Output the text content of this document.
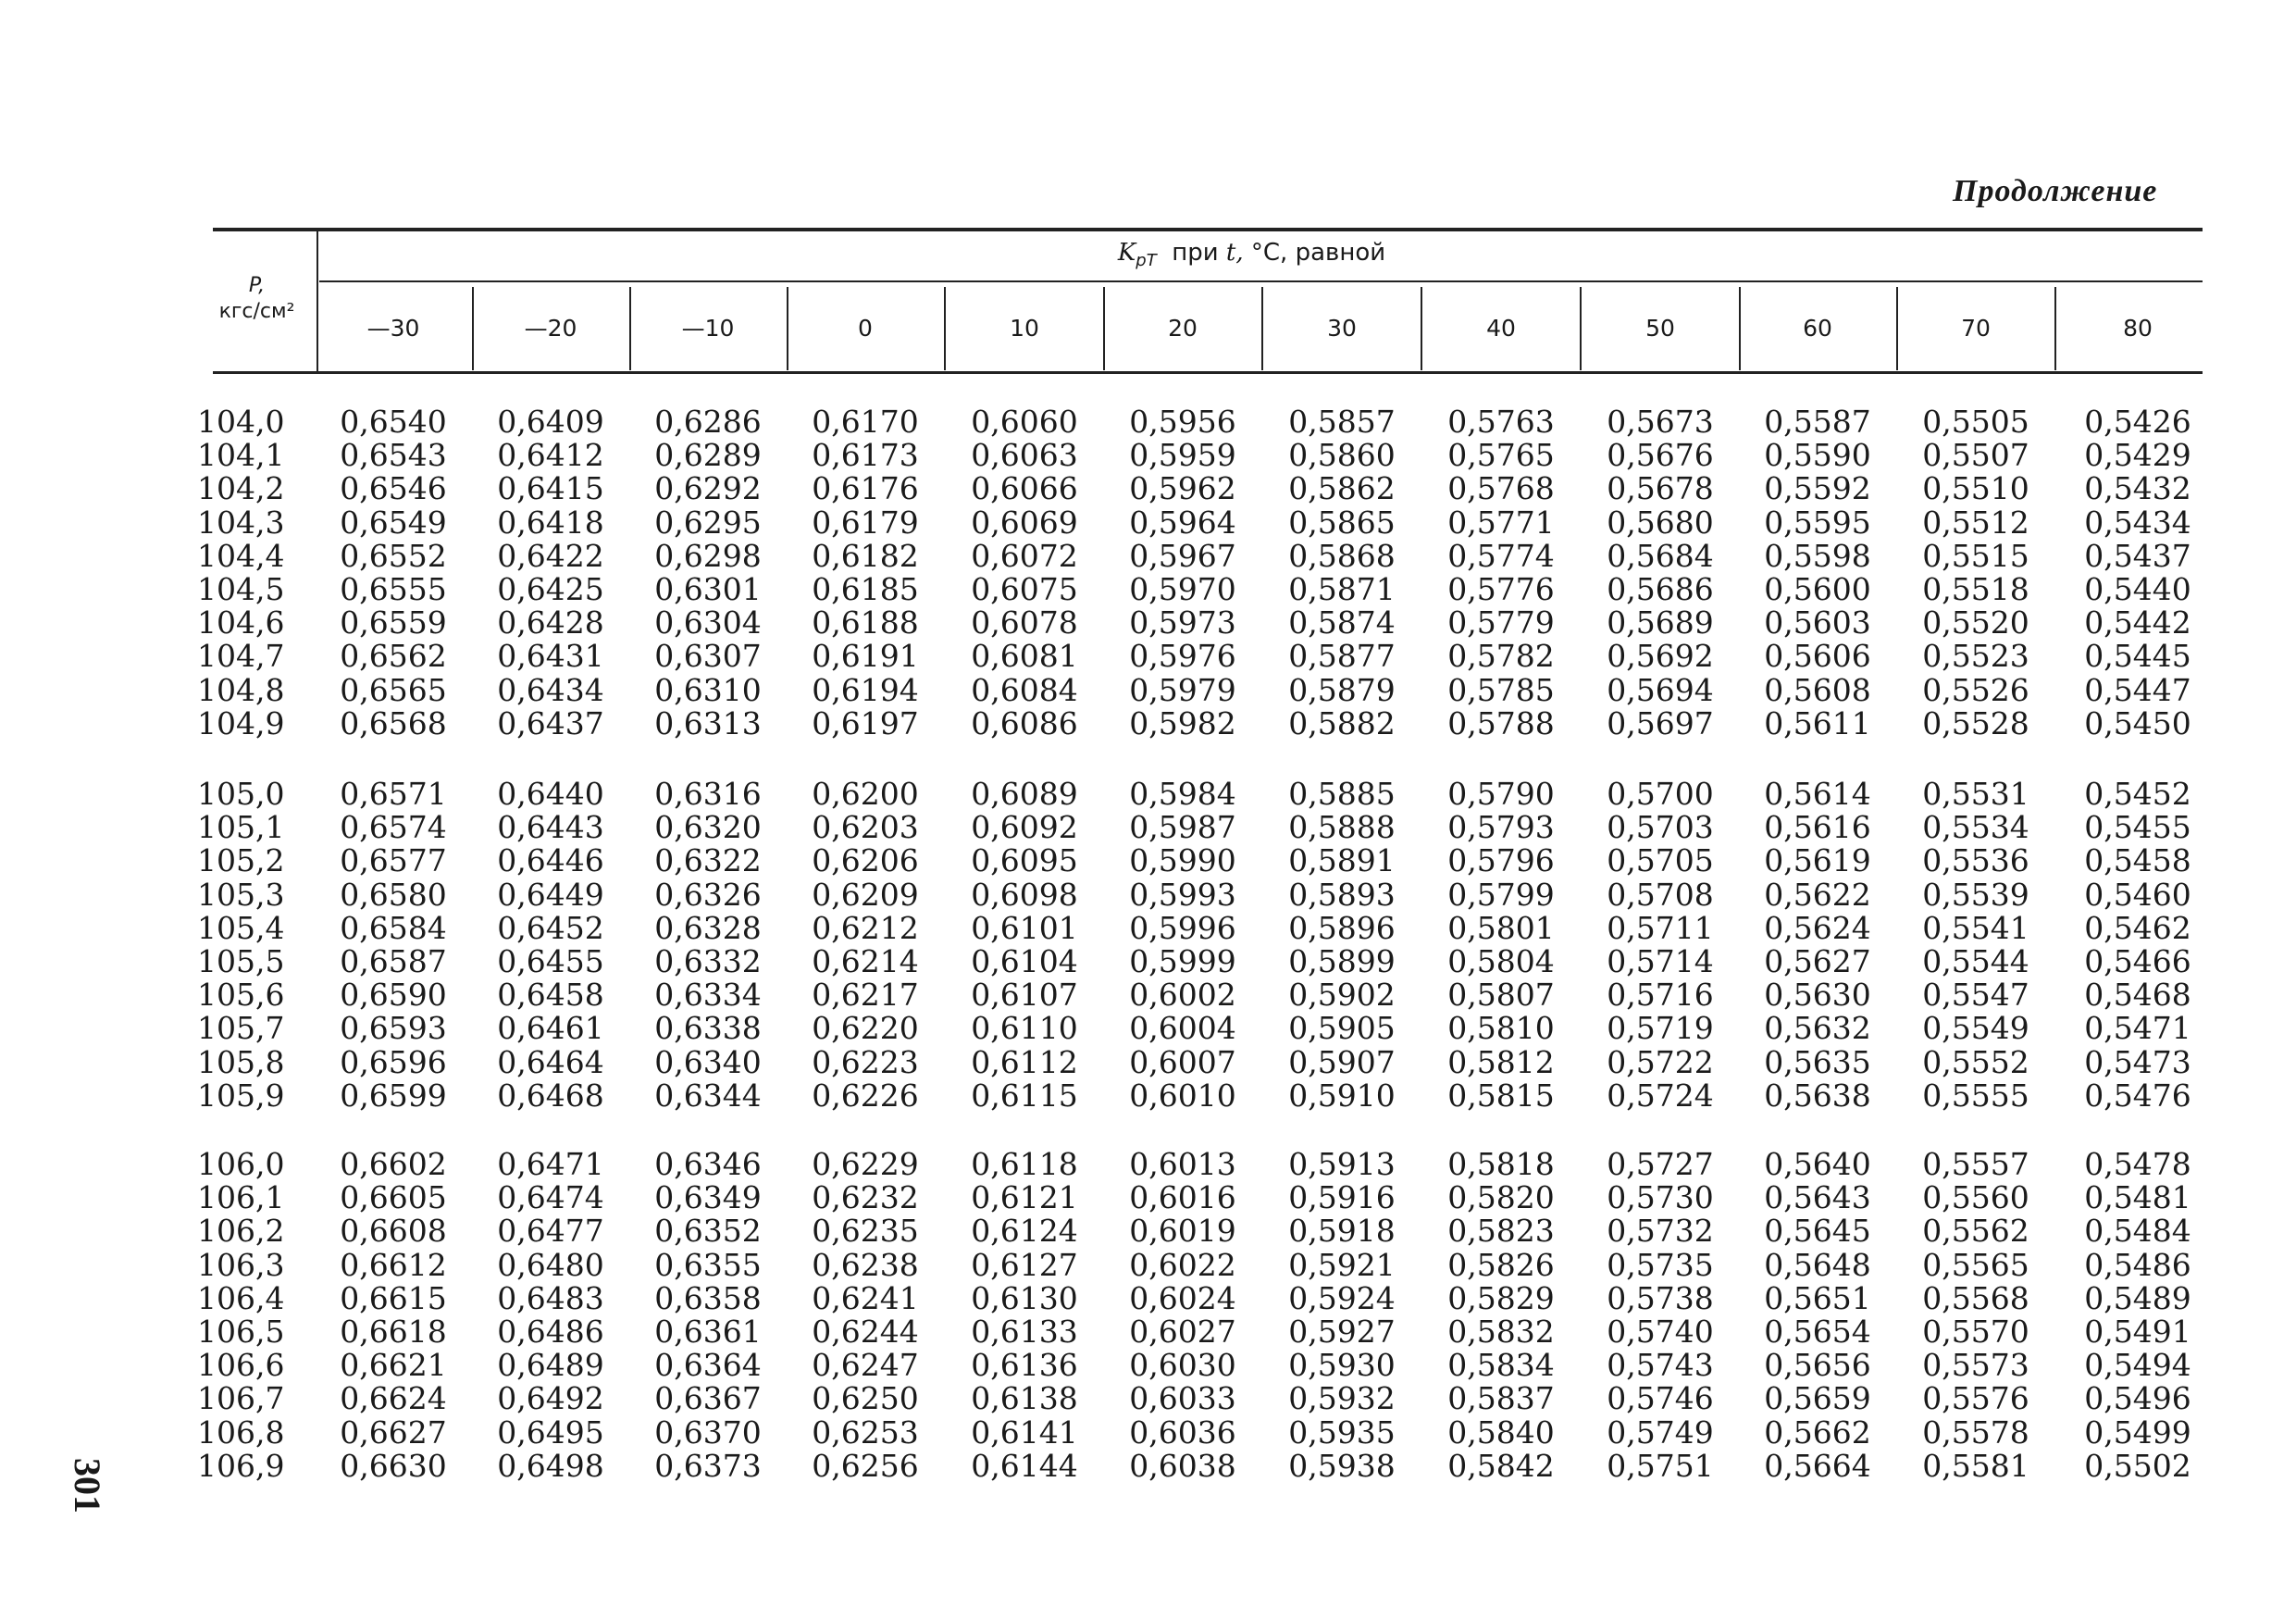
Продолжение
301
P,
кгс/см²
$K_{pT}$ при t, °C, равной
—30	—20	—10	0	10	20	30	40	50	60	70	80
104,0	0,6540	0,6409	0,6286	0,6170	0,6060	0,5956	0,5857	0,5763	0,5673	0,5587	0,5505	0,5426
104,1	0,6543	0,6412	0,6289	0,6173	0,6063	0,5959	0,5860	0,5765	0,5676	0,5590	0,5507	0,5429
104,2	0,6546	0,6415	0,6292	0,6176	0,6066	0,5962	0,5862	0,5768	0,5678	0,5592	0,5510	0,5432
104,3	0,6549	0,6418	0,6295	0,6179	0,6069	0,5964	0,5865	0,5771	0,5680	0,5595	0,5512	0,5434
104,4	0,6552	0,6422	0,6298	0,6182	0,6072	0,5967	0,5868	0,5774	0,5684	0,5598	0,5515	0,5437
104,5	0,6555	0,6425	0,6301	0,6185	0,6075	0,5970	0,5871	0,5776	0,5686	0,5600	0,5518	0,5440
104,6	0,6559	0,6428	0,6304	0,6188	0,6078	0,5973	0,5874	0,5779	0,5689	0,5603	0,5520	0,5442
104,7	0,6562	0,6431	0,6307	0,6191	0,6081	0,5976	0,5877	0,5782	0,5692	0,5606	0,5523	0,5445
104,8	0,6565	0,6434	0,6310	0,6194	0,6084	0,5979	0,5879	0,5785	0,5694	0,5608	0,5526	0,5447
104,9	0,6568	0,6437	0,6313	0,6197	0,6086	0,5982	0,5882	0,5788	0,5697	0,5611	0,5528	0,5450
105,0	0,6571	0,6440	0,6316	0,6200	0,6089	0,5984	0,5885	0,5790	0,5700	0,5614	0,5531	0,5452
105,1	0,6574	0,6443	0,6320	0,6203	0,6092	0,5987	0,5888	0,5793	0,5703	0,5616	0,5534	0,5455
105,2	0,6577	0,6446	0,6322	0,6206	0,6095	0,5990	0,5891	0,5796	0,5705	0,5619	0,5536	0,5458
105,3	0,6580	0,6449	0,6326	0,6209	0,6098	0,5993	0,5893	0,5799	0,5708	0,5622	0,5539	0,5460
105,4	0,6584	0,6452	0,6328	0,6212	0,6101	0,5996	0,5896	0,5801	0,5711	0,5624	0,5541	0,5462
105,5	0,6587	0,6455	0,6332	0,6214	0,6104	0,5999	0,5899	0,5804	0,5714	0,5627	0,5544	0,5466
105,6	0,6590	0,6458	0,6334	0,6217	0,6107	0,6002	0,5902	0,5807	0,5716	0,5630	0,5547	0,5468
105,7	0,6593	0,6461	0,6338	0,6220	0,6110	0,6004	0,5905	0,5810	0,5719	0,5632	0,5549	0,5471
105,8	0,6596	0,6464	0,6340	0,6223	0,6112	0,6007	0,5907	0,5812	0,5722	0,5635	0,5552	0,5473
105,9	0,6599	0,6468	0,6344	0,6226	0,6115	0,6010	0,5910	0,5815	0,5724	0,5638	0,5555	0,5476
106,0	0,6602	0,6471	0,6346	0,6229	0,6118	0,6013	0,5913	0,5818	0,5727	0,5640	0,5557	0,5478
106,1	0,6605	0,6474	0,6349	0,6232	0,6121	0,6016	0,5916	0,5820	0,5730	0,5643	0,5560	0,5481
106,2	0,6608	0,6477	0,6352	0,6235	0,6124	0,6019	0,5918	0,5823	0,5732	0,5645	0,5562	0,5484
106,3	0,6612	0,6480	0,6355	0,6238	0,6127	0,6022	0,5921	0,5826	0,5735	0,5648	0,5565	0,5486
106,4	0,6615	0,6483	0,6358	0,6241	0,6130	0,6024	0,5924	0,5829	0,5738	0,5651	0,5568	0,5489
106,5	0,6618	0,6486	0,6361	0,6244	0,6133	0,6027	0,5927	0,5832	0,5740	0,5654	0,5570	0,5491
106,6	0,6621	0,6489	0,6364	0,6247	0,6136	0,6030	0,5930	0,5834	0,5743	0,5656	0,5573	0,5494
106,7	0,6624	0,6492	0,6367	0,6250	0,6138	0,6033	0,5932	0,5837	0,5746	0,5659	0,5576	0,5496
106,8	0,6627	0,6495	0,6370	0,6253	0,6141	0,6036	0,5935	0,5840	0,5749	0,5662	0,5578	0,5499
106,9	0,6630	0,6498	0,6373	0,6256	0,6144	0,6038	0,5938	0,5842	0,5751	0,5664	0,5581	0,5502
